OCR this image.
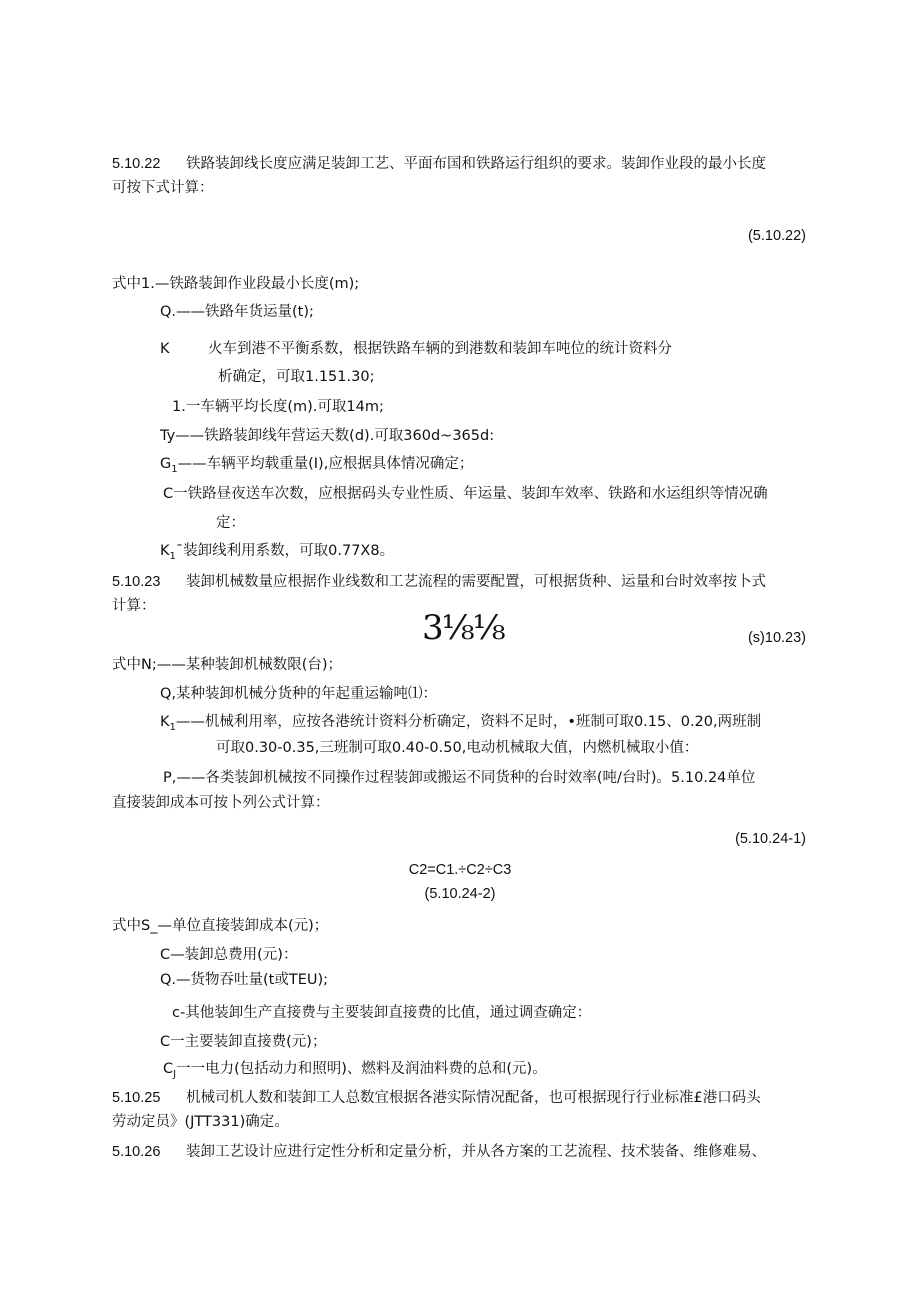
5.10.22 铁路装卸线长度应满足装卸工艺、平面布国和铁路运行组织的要求。装卸作业段的最小长度
可按下式计算：
(5.10.22)
式中1.—铁路装卸作业段最小长度(m);
Q.——铁路年货运量(t);
K	火车到港不平衡系数，根据铁路车辆的到港数和装卸车吨位的统计资料分
析确定，可取1.151.30;
1.一车辆平均长度(m).可取14m;
Ty——铁路装卸线年营运天数(d).可取360d~365d:
$G_1——$车辆平均载重量(I),应根据具体情况确定；
C一铁路昼夜送车次数，应根据码头专业性质、年运量、装卸车效率、铁路和水运组织等情况确
定：
$K_1¯$装卸线利用系数，可取0.77X8。
5.10.23 装卸机械数量应根据作业线数和工艺流程的需要配置，可根据货种、运量和台时效率按卜式
计算：
3⅛⅛	(s)10.23)
式中N;——某种装卸机械数限(台)；
Q,某种装卸机械分货种的年起重运输吨⑴：
$K_1——$机械利用率，应按各港统计资料分析确定，资料不足时，•班制可取0.15、0.20,两班制
可取0.30-0.35,三班制可取0.40-0.50,电动机械取大值，内燃机械取小值：
P,——各类装卸机械按不同操作过程装卸或搬运不同货种的台时效率(吨/台时)。5.10.24单位
直接装卸成本可按卜列公式计算：
(5.10.24-1)
C2=C1.÷C2÷C3
(5.10.24-2)
式中S_—单位直接装卸成本(元)；
C—装卸总费用(元)：
Q.—货物吞吐量(t或TEU);
c-其他装卸生产直接费与主要装卸直接费的比值，通过调查确定：
C一主要装卸直接费(元)；
$C_J$一一电力(包括动力和照明)、燃料及润油料费的总和(元)。
5.10.25 机械司机人数和装卸工人总数宜根据各港实际情况配备，也可根据现行行业标准£港口码头
劳动定员》(JTT331)确定。
5.10.26 装卸工艺设计应进行定性分析和定量分析，并从各方案的工艺流程、技术装备、维修难易、
